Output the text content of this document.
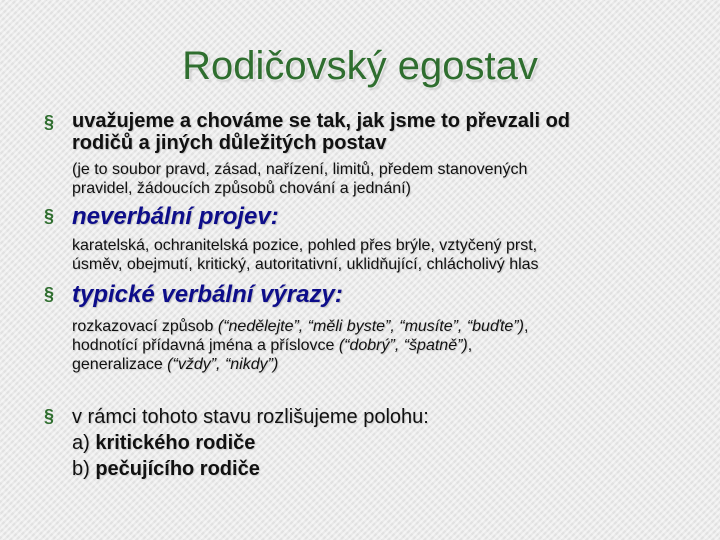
Rodičovský egostav
§ uvažujeme a chováme se tak, jak jsme to převzali od
rodičů a jiných důležitých postav
(je to soubor pravd, zásad, nařízení, limitů, předem stanovených
pravidel, žádoucích způsobů chování a jednání)
§ neverbální projev:
karatelská, ochranitelská pozice, pohled přes brýle, vztyčený prst,
úsměv, obejmutí, kritický, autoritativní, uklidňující, chlácholivý hlas
§ typické verbální výrazy:
rozkazovací způsob (“nedělejte”, “měli byste”, “musíte”, “buďte”),
hodnotící přídavná jména a příslovce (“dobrý”, “špatně”),
generalizace (“vždy”, “nikdy”)
§ v rámci tohoto stavu rozlišujeme polohu:
a) kritického rodiče
b) pečujícího rodiče
